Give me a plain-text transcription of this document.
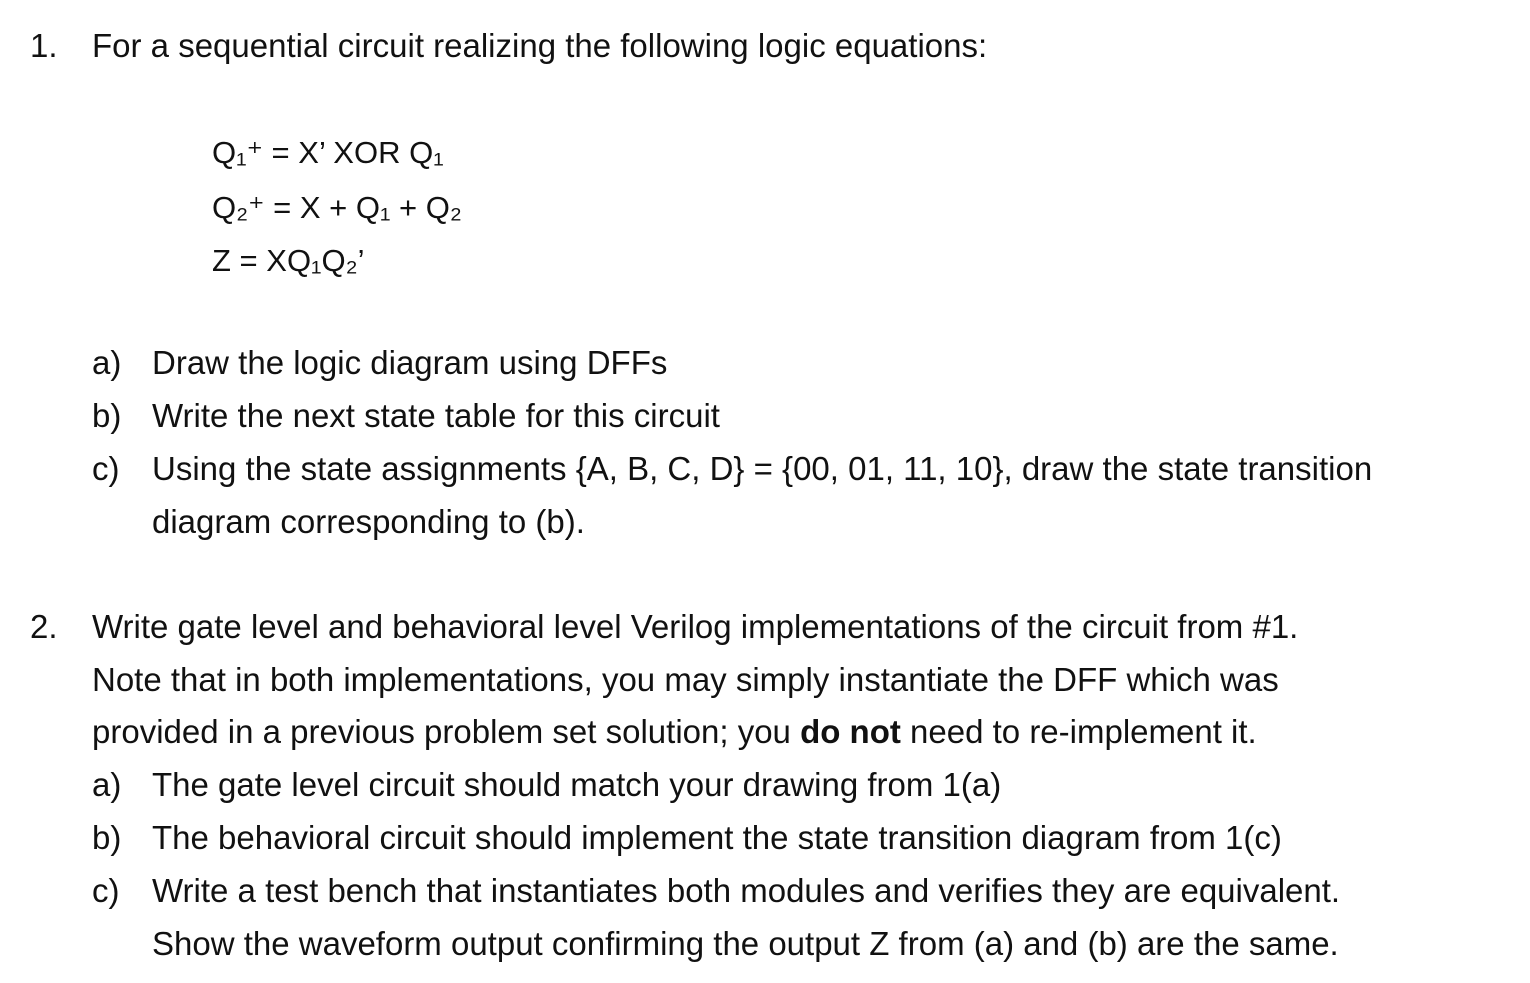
1. For a sequential circuit realizing the following logic equations:
Q₁⁺ = X’ XOR Q₁
Q₂⁺ = X + Q₁ + Q₂
Z = XQ₁Q₂’
a) Draw the logic diagram using DFFs
b) Write the next state table for this circuit
c) Using the state assignments {A, B, C, D} = {00, 01, 11, 10}, draw the state transition
diagram corresponding to (b).
2. Write gate level and behavioral level Verilog implementations of the circuit from #1.
Note that in both implementations, you may simply instantiate the DFF which was
provided in a previous problem set solution; you do not need to re-implement it.
a) The gate level circuit should match your drawing from 1(a)
b) The behavioral circuit should implement the state transition diagram from 1(c)
c) Write a test bench that instantiates both modules and verifies they are equivalent.
Show the waveform output confirming the output Z from (a) and (b) are the same.
